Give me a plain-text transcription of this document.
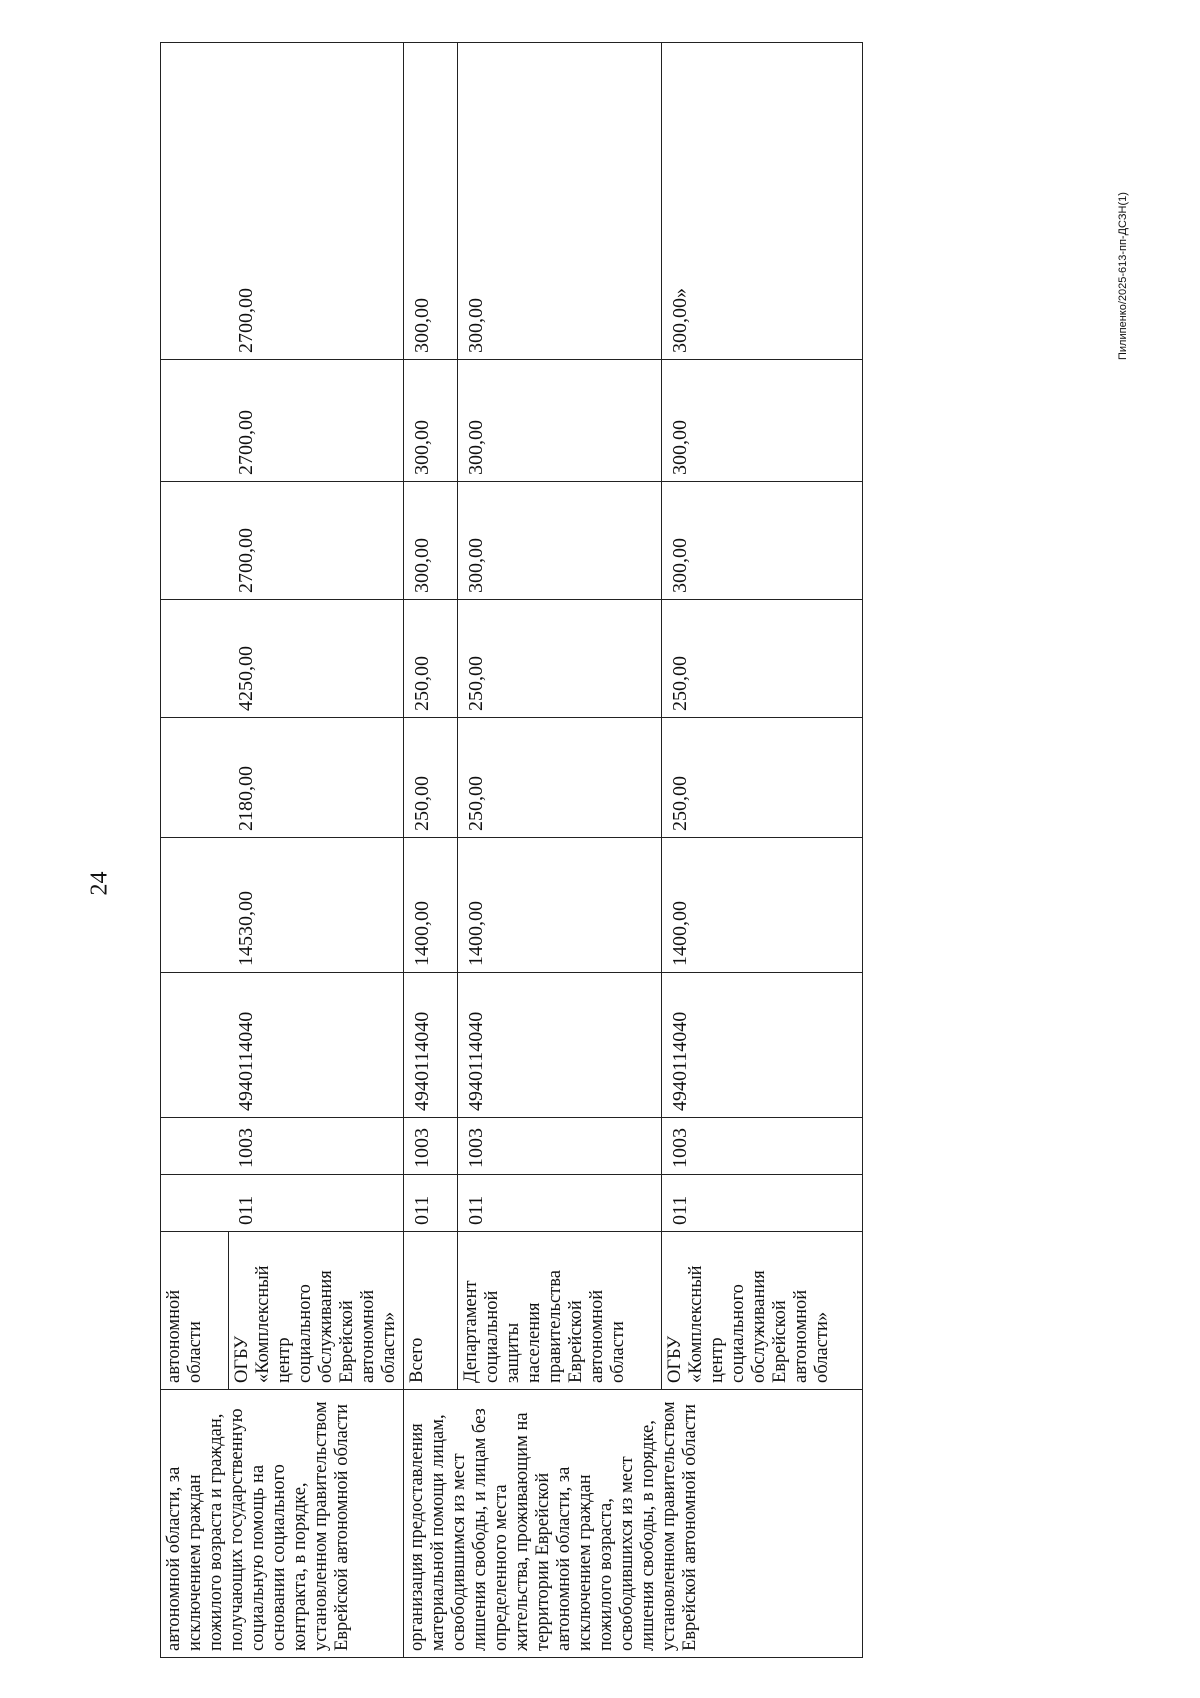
24
автономной области, за исключением граждан пожилого возраста и граждан, получающих государственную социальную помощь на основании социального контракта, в порядке, установленном правительством Еврейской автономной области	автономной области									
	ОГБУ «Комплексный центр социального обслуживания Еврейской автономной области»	011	1003	4940114040	14530,00	2180,00	4250,00	2700,00	2700,00	2700,00
организация предоставления материальной помощи лицам, освободившимся из мест лишения свободы, и лицам без определенного места жительства, проживающим на территории Еврейской автономной области, за исключением граждан пожилого возраста, освободившихся из мест лишения свободы, в порядке, установленном правительством Еврейской автономной области	Всего	011	1003	4940114040	1400,00	250,00	250,00	300,00	300,00	300,00
	Департамент социальной защиты населения правительства Еврейской автономной области	011	1003	4940114040	1400,00	250,00	250,00	300,00	300,00	300,00
	ОГБУ «Комплексный центр социального обслуживания Еврейской автономной области»	011	1003	4940114040	1400,00	250,00	250,00	300,00	300,00	300,00»	Пилипенко/2025-613-пп-ДСЗН(1)
